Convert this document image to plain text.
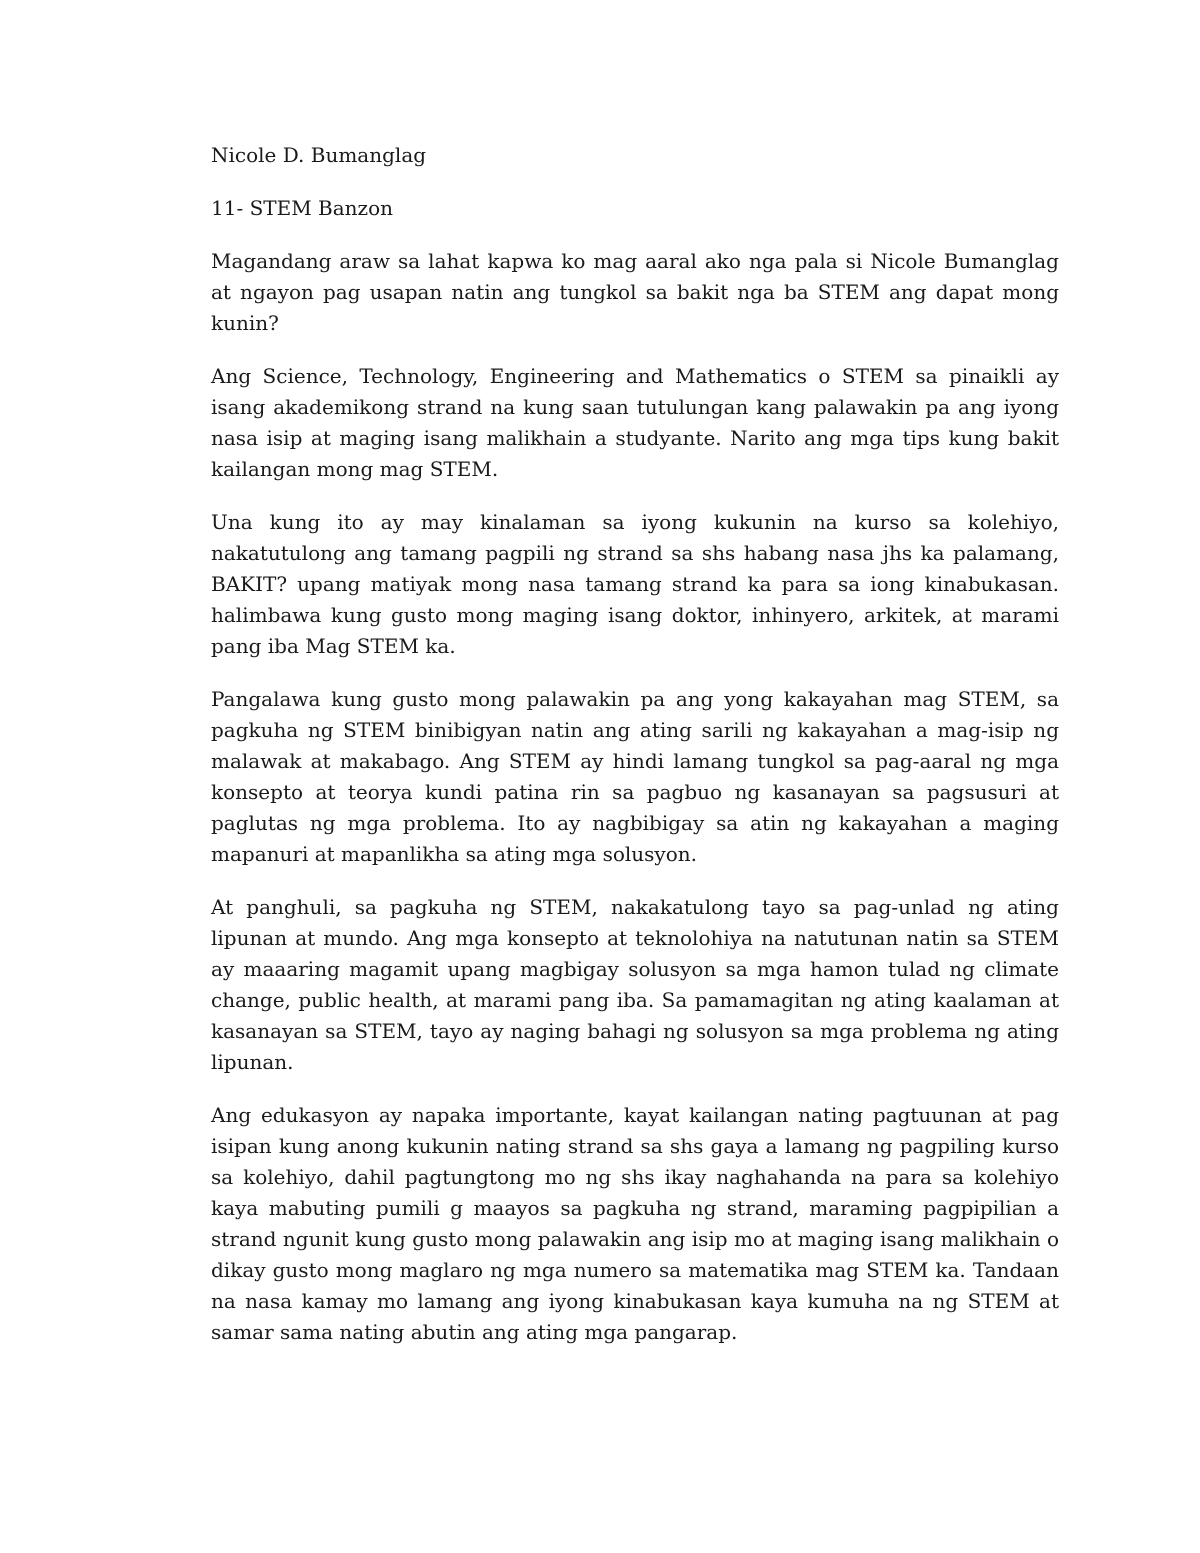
Nicole D. Bumanglag

11- STEM Banzon

Magandang araw sa lahat kapwa ko mag aaral ako nga pala si Nicole Bumanglag at ngayon pag usapan natin ang tungkol sa bakit nga ba STEM ang dapat mong kunin?

Ang Science, Technology, Engineering and Mathematics o STEM sa pinaikli ay isang akademikong strand na kung saan tutulungan kang palawakin pa ang iyong nasa isip at maging isang malikhain a studyante. Narito ang mga tips kung bakit kailangan mong mag STEM.

Una kung ito ay may kinalaman sa iyong kukunin na kurso sa kolehiyo, nakatutulong ang tamang pagpili ng strand sa shs habang nasa jhs ka palamang, BAKIT? upang matiyak mong nasa tamang strand ka para sa iong kinabukasan. halimbawa kung gusto mong maging isang doktor, inhinyero, arkitek, at marami pang iba Mag STEM ka.

Pangalawa kung gusto mong palawakin pa ang yong kakayahan mag STEM, sa pagkuha ng STEM binibigyan natin ang ating sarili ng kakayahan a mag-isip ng malawak at makabago. Ang STEM ay hindi lamang tungkol sa pag-aaral ng mga konsepto at teorya kundi patina rin sa pagbuo ng kasanayan sa pagsusuri at paglutas ng mga problema. Ito ay nagbibigay sa atin ng kakayahan a maging mapanuri at mapanlikha sa ating mga solusyon.

At panghuli, sa pagkuha ng STEM, nakakatulong tayo sa pag-unlad ng ating lipunan at mundo. Ang mga konsepto at teknolohiya na natutunan natin sa STEM ay maaaring magamit upang magbigay solusyon sa mga hamon tulad ng climate change, public health, at marami pang iba. Sa pamamagitan ng ating kaalaman at kasanayan sa STEM, tayo ay naging bahagi ng solusyon sa mga problema ng ating lipunan.

Ang edukasyon ay napaka importante, kayat kailangan nating pagtuunan at pag isipan kung anong kukunin nating strand sa shs gaya a lamang ng pagpiling kurso sa kolehiyo, dahil pagtungtong mo ng shs ikay naghahanda na para sa kolehiyo kaya mabuting pumili g maayos sa pagkuha ng strand, maraming pagpipilian a strand ngunit kung gusto mong palawakin ang isip mo at maging isang malikhain o dikay gusto mong maglaro ng mga numero sa matematika mag STEM ka. Tandaan na nasa kamay mo lamang ang iyong kinabukasan kaya kumuha na ng STEM at samar sama nating abutin ang ating mga pangarap.
